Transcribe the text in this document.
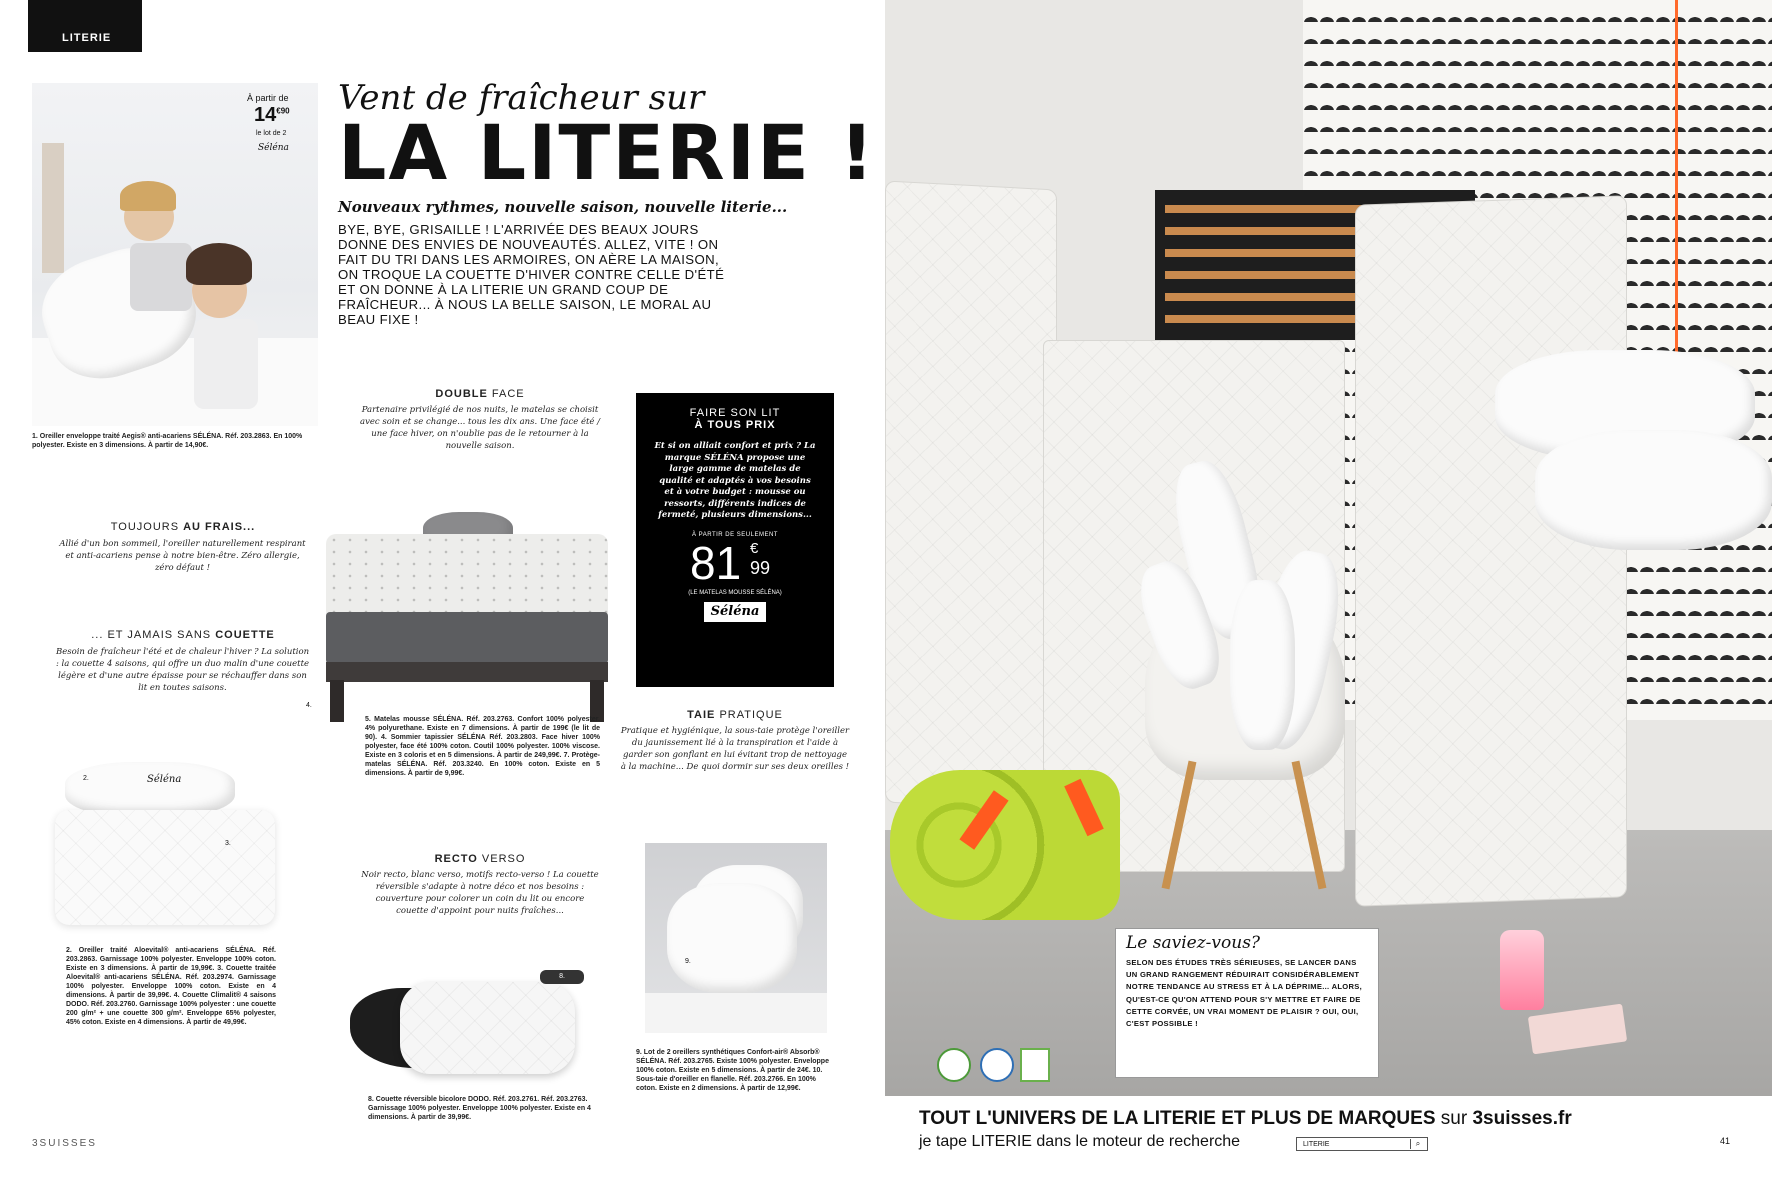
LITERIE
À partir de
$14^{€90}$
le lot de 2
Séléna
1. Oreiller enveloppe traité Aegis® anti-acariens SÉLÉNA. Réf. 203.2863. En 100% polyester. Existe en 3 dimensions. À partir de 14,90€.
TOUJOURS AU FRAIS...
Allié d'un bon sommeil, l'oreiller naturellement respirant et anti-acariens pense à notre bien-être. Zéro allergie, zéro défaut !
... ET JAMAIS SANS COUETTE
Besoin de fraîcheur l'été et de chaleur l'hiver ? La solution : la couette 4 saisons, qui offre un duo malin d'une couette légère et d'une autre épaisse pour se réchauffer dans son lit en toutes saisons.
Séléna
2.
3.
2. Oreiller traité Aloevital® anti-acariens SÉLÉNA. Réf. 203.2863. Garnissage 100% polyester. Enveloppe 100% coton. Existe en 3 dimensions. À partir de 19,99€. 3. Couette traitée Aloevital® anti-acariens SÉLÉNA. Réf. 203.2974. Garnissage 100% polyester. Enveloppe 100% coton. Existe en 4 dimensions. À partir de 39,99€. 4. Couette Climalit® 4 saisons DODO. Réf. 203.2760. Garnissage 100% polyester : une couette 200 g/m² + une couette 300 g/m². Enveloppe 65% polyester, 45% coton. Existe en 4 dimensions. À partir de 49,99€.
3SUISSES
Vent de fraîcheur sur
LA LITERIE !
Nouveaux rythmes, nouvelle saison, nouvelle literie...
BYE, BYE, GRISAILLE ! L'ARRIVÉE DES BEAUX JOURS DONNE DES ENVIES DE NOUVEAUTÉS. ALLEZ, VITE ! ON FAIT DU TRI DANS LES ARMOIRES, ON AÈRE LA MAISON, ON TROQUE LA COUETTE D'HIVER CONTRE CELLE D'ÉTÉ ET ON DONNE À LA LITERIE UN GRAND COUP DE FRAÎCHEUR... À NOUS LA BELLE SAISON, LE MORAL AU BEAU FIXE !
DOUBLE FACE
Partenaire privilégié de nos nuits, le matelas se choisit avec soin et se change... tous les dix ans. Une face été / une face hiver, on n'oublie pas de le retourner à la nouvelle saison.
4.
5. Matelas mousse SÉLÉNA. Réf. 203.2763. Confort 100% polyester. 4% polyurethane. Existe en 7 dimensions. À partir de 199€ (le lit de 90). 4. Sommier tapissier SÉLÉNA Réf. 203.2803. Face hiver 100% polyester, face été 100% coton. Coutil 100% polyester. 100% viscose. Existe en 3 coloris et en 5 dimensions. À partir de 249,99€. 7. Protège-matelas SÉLÉNA. Réf. 203.3240. En 100% coton. Existe en 5 dimensions. À partir de 9,99€.
RECTO VERSO
Noir recto, blanc verso, motifs recto-verso ! La couette réversible s'adapte à notre déco et nos besoins : couverture pour colorer un coin du lit ou encore couette d'appoint pour nuits fraîches...
8.
8. Couette réversible bicolore DODO. Réf. 203.2761. Réf. 203.2763. Garnissage 100% polyester. Enveloppe 100% polyester. Existe en 4 dimensions. À partir de 39,99€.
FAIRE SON LIT
À TOUS PRIX
Et si on alliait confort et prix ? La marque SÉLÉNA propose une large gamme de matelas de qualité et adaptés à vos besoins et à votre budget : mousse ou ressorts, différents indices de fermeté, plusieurs dimensions...
À PARTIR DE SEULEMENT
81 €
99
(LE MATELAS MOUSSE SÉLÉNA)
Séléna
TAIE PRATIQUE
Pratique et hygiénique, la sous-taie protège l'oreiller du jaunissement lié à la transpiration et l'aide à garder son gonflant en lui évitant trop de nettoyage à la machine... De quoi dormir sur ses deux oreilles !
9.
9. Lot de 2 oreillers synthétiques Confort-air® Absorb® SÉLÉNA. Réf. 203.2765. Existe 100% polyester. Enveloppe 100% coton. Existe en 5 dimensions. À partir de 24€. 10. Sous-taie d'oreiller en flanelle. Réf. 203.2766. En 100% coton. Existe en 2 dimensions. À partir de 12,99€.
Le saviez-vous?
SELON DES ÉTUDES TRÈS SÉRIEUSES, SE LANCER DANS UN GRAND RANGEMENT RÉDUIRAIT CONSIDÉRABLEMENT NOTRE TENDANCE AU STRESS ET À LA DÉPRIME... ALORS, QU'EST-CE QU'ON ATTEND POUR S'Y METTRE ET FAIRE DE CETTE CORVÉE, UN VRAI MOMENT DE PLAISIR ? OUI, OUI, C'EST POSSIBLE !
TOUT L'UNIVERS DE LA LITERIE ET PLUS DE MARQUES sur 3suisses.fr
je tape LITERIE dans le moteur de recherche	LITERIE	⌕	41
